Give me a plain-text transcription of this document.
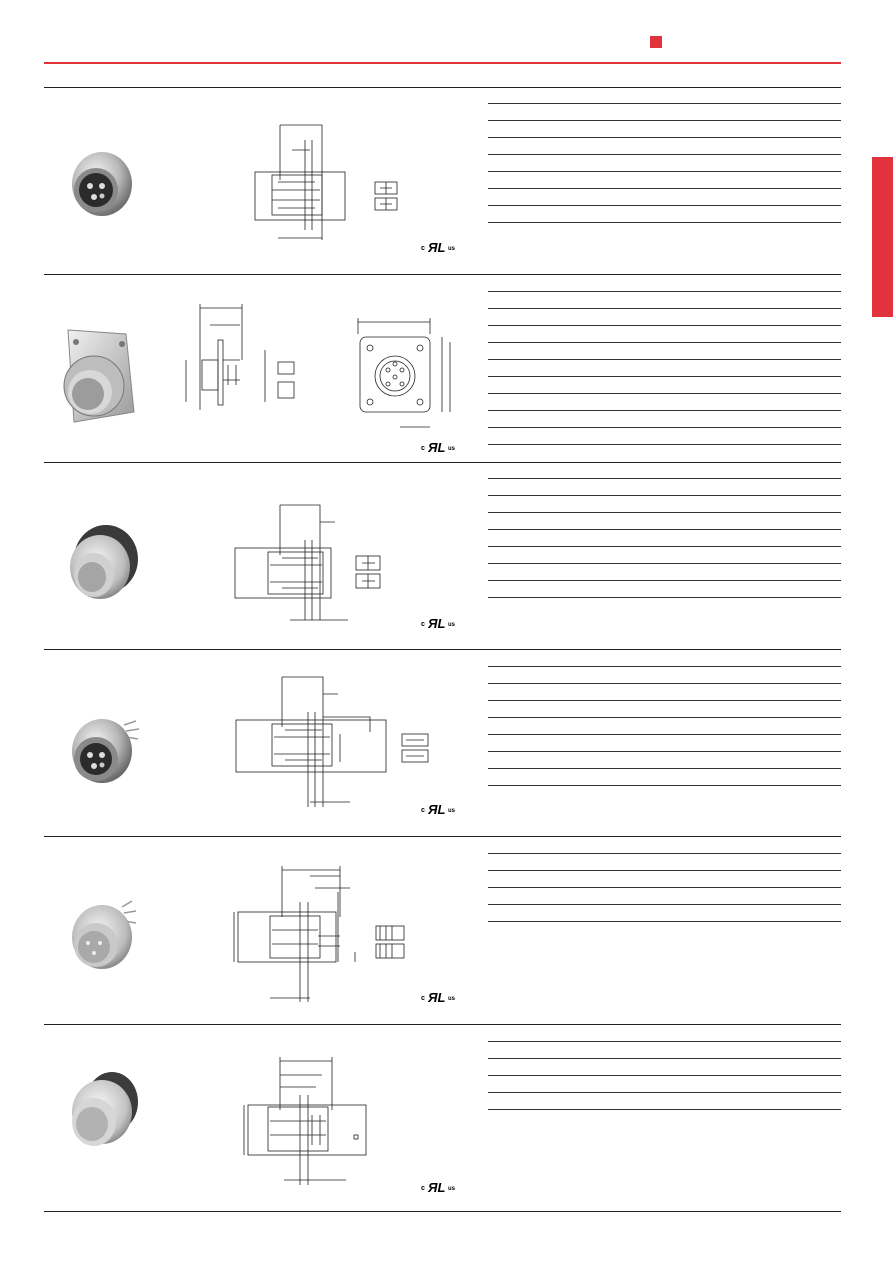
c ЯL us
c ЯL us
c ЯL us
c ЯL us
c ЯL us
c ЯL us
